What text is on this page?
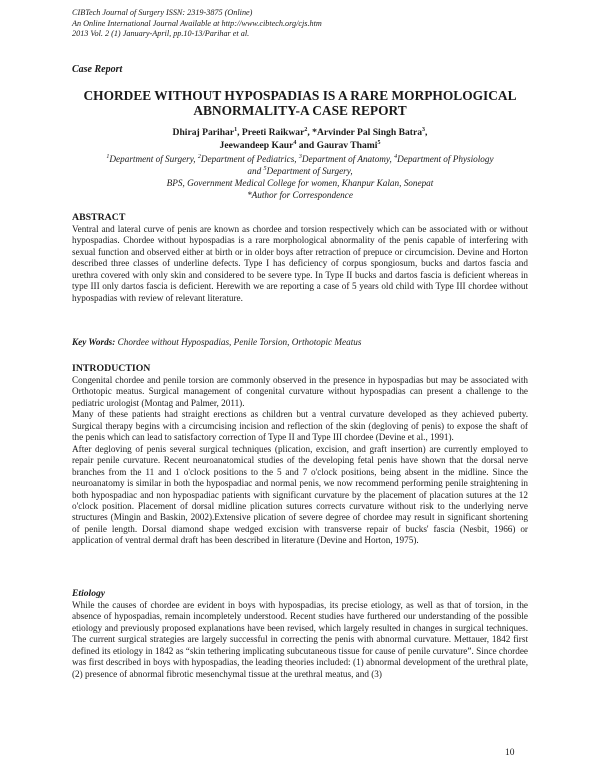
CIBTech Journal of Surgery ISSN: 2319-3875 (Online)
An Online International Journal Available at http://www.cibtech.org/cjs.htm
2013 Vol. 2 (1) January-April, pp.10-13/Parihar et al.
Case Report
CHORDEE WITHOUT HYPOSPADIAS IS A RARE MORPHOLOGICAL ABNORMALITY-A CASE REPORT
Dhiraj Parihar$^1$, Preeti Raikwar$^2$, *Arvinder Pal Singh Batra$^3$,
Jeewandeep Kaur$^4$ and Gaurav Thami$^5$
$^1$Department of Surgery, $^2$Department of Pediatrics, $^3$Department of Anatomy, $^4$Department of Physiology
and $^5$Department of Surgery,
BPS, Government Medical College for women, Khanpur Kalan, Sonepat
*Author for Correspondence
ABSTRACT

Ventral and lateral curve of penis are known as chordee and torsion respectively which can be associated with or without hypospadias. Chordee without hypospadias is a rare morphological abnormality of the penis capable of interfering with sexual function and observed either at birth or in older boys after retraction of prepuce or circumcision. Devine and Horton described three classes of underline defects. Type I has deficiency of corpus spongiosum, bucks and dartos fascia and urethra covered with only skin and considered to be severe type. In Type II bucks and dartos fascia is deficient whereas in type III only dartos fascia is deficient. Herewith we are reporting a case of 5 years old child with Type III chordee without hypospadias with review of relevant literature.

Key Words: Chordee without Hypospadias, Penile Torsion, Orthotopic Meatus
INTRODUCTION

Congenital chordee and penile torsion are commonly observed in the presence in hypospadias but may be associated with Orthotopic meatus. Surgical management of congenital curvature without hypospadias can present a challenge to the pediatric urologist (Montag and Palmer, 2011).

Many of these patients had straight erections as children but a ventral curvature developed as they achieved puberty. Surgical therapy begins with a circumcising incision and reflection of the skin (degloving of penis) to expose the shaft of the penis which can lead to satisfactory correction of Type II and Type III chordee (Devine et al., 1991).

After degloving of penis several surgical techniques (plication, excision, and graft insertion) are currently employed to repair penile curvature. Recent neuroanatomical studies of the developing fetal penis have shown that the dorsal nerve branches from the 11 and 1 o'clock positions to the 5 and 7 o'clock positions, being absent in the midline. Since the neuroanatomy is similar in both the hypospadiac and normal penis, we now recommend performing penile straightening in both hypospadiac and non hypospadiac patients with significant curvature by the placement of placation sutures at the 12 o'clock position. Placement of dorsal midline plication sutures corrects curvature without risk to the underlying nerve structures (Mingin and Baskin, 2002).Extensive plication of severe degree of chordee may result in significant shortening of penile length. Dorsal diamond shape wedged excision with transverse repair of bucks' fascia (Nesbit, 1966) or application of ventral dermal draft has been described in literature (Devine and Horton, 1975).

Etiology

While the causes of chordee are evident in boys with hypospadias, its precise etiology, as well as that of torsion, in the absence of hypospadias, remain incompletely understood. Recent studies have furthered our understanding of the possible etiology and previously proposed explanations have been revised, which largely resulted in changes in surgical techniques. The current surgical strategies are largely successful in correcting the penis with abnormal curvature. Mettauer, 1842 first defined its etiology in 1842 as “skin tethering implicating subcutaneous tissue for cause of penile curvature”. Since chordee was first described in boys with hypospadias, the leading theories included: (1) abnormal development of the urethral plate, (2) presence of abnormal fibrotic mesenchymal tissue at the urethral meatus, and (3)

10
